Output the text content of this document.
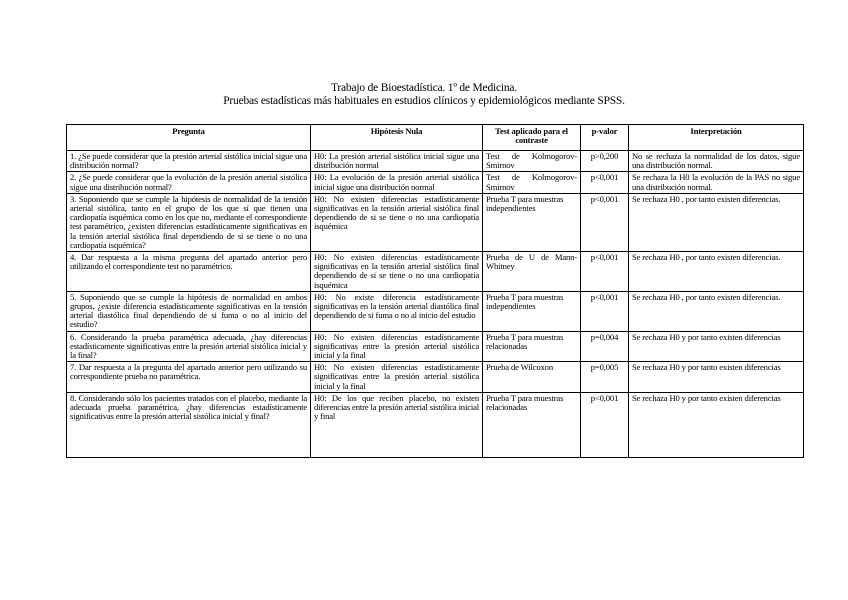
Trabajo de Bioestadística. 1º de Medicina.
Pruebas estadísticas más habituales en estudios clínicos y epidemiológicos mediante SPSS.
Pregunta	Hipótesis Nula	Test aplicado para el contraste	p-valor	Interpretación
1. ¿Se puede considerar que la presión arterial sistólica inicial sigue una distribución normal?	H0: La presión arterial sistólica inicial sigue una distribución normal	Test de Kolmogorov-Smirnov	p>0,200	No se rechaza la normalidad de los datos, sigue una distribución normal.
2. ¿Se puede considerar que la evolución de la presión arterial sistólica sigue una distribución normal?	H0: La evolución de la presión arterial sistólica inicial sigue una distribución normal	Test de Kolmogorov-Smirnov	p<0,001	Se rechaza la H0 la evolución de la PAS no sigue una distribución normal.
3. Suponiendo que se cumple la hipótesis de normalidad de la tensión arterial sistólica, tanto en el grupo de los que sí que tienen una cardiopatía isquémica como en los que no, mediante el correspondiente test paramétrico, ¿existen diferencias estadísticamente significativas en la tensión arterial sistólica final dependiendo de si se tiene o no una cardiopatía isquémica?	H0: No existen diferencias estadísticamente significativas en la tensión arterial sistólica final dependiendo de si se tiene o no una cardiopatía isquémica	Prueba T para muestras independientes	p<0,001	Se rechaza H0 , por tanto existen diferencias.
4. Dar respuesta a la misma pregunta del apartado anterior pero utilizando el correspondiente test no paramétrico.	H0: No existen diferencias estadísticamente significativas en la tensión arterial sistólica final dependiendo de si se tiene o no una cardiopatía isquémica	Prueba de U de Mann-Whitney	p<0,001	Se rechaza H0 , por tanto existen diferencias.
5. Suponiendo que se cumple la hipótesis de normalidad en ambos grupos, ¿existe diferencia estadísticamente significativas en la tensión arterial diastólica final dependiendo de si fuma o no al inicio del estudio?	H0: No existe diferencia estadísticamente significativas en la tensión arterial diastólica final dependiendo de si fuma o no al inicio del estudio	Prueba T para muestras independientes	p<0,001	Se rechaza H0 , por tanto existen diferencias.
6. Considerando la prueba paramétrica adecuada, ¿hay diferencias estadísticamente significativas entre la presión arterial sistólica inicial y la final?	H0: No existen diferencias estadísticamente significativas entre la presión arterial sistólica inicial y la final	Prueba T para muestras relacionadas	p=0,004	Se rechaza H0 y por tanto existen diferencias
7. Dar respuesta a la pregunta del apartado anterior pero utilizando su correspondiente prueba no paramétrica.	H0: No existen diferencias estadísticamente significativas entre la presión arterial sistólica inicial y la final	Prueba de Wilcoxon	p=0,005	Se rechaza H0 y por tanto existen diferencias
8. Considerando sólo los pacientes tratados con el placebo, mediante la adecuada prueba paramétrica, ¿hay diferencias estadísticamente significativas entre la presión arterial sistólica inicial y final?	H0: De los que reciben placebo, no existen diferencias entre la presión arterial sistólica inicial y final	Prueba T para muestras relacionadas	p<0,001	Se rechaza H0 y por tanto existen diferencias
